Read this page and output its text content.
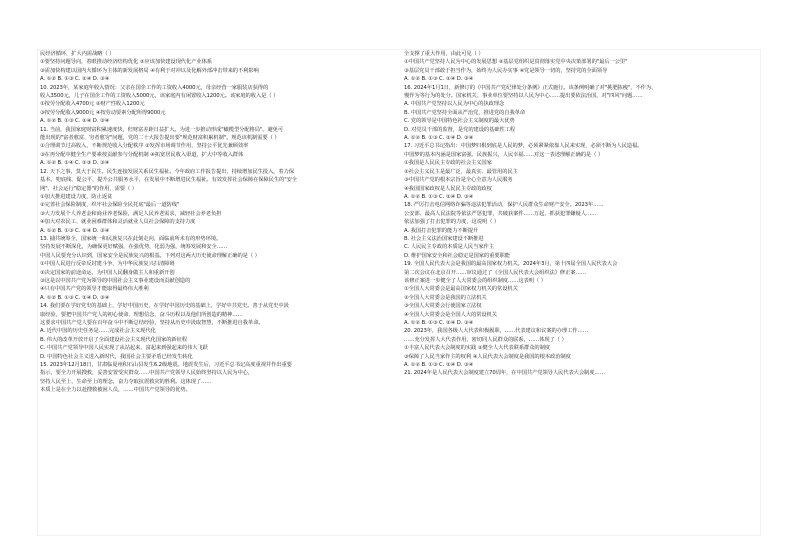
民经济循环，扩大内需战略（ ）
①要坚持问题导向，着眼推动经济结构优化 ②应该加快建设现代化产业体系
③需加快构建以国内大循环为主体的新发展格局 ④有利于对冲以及化解外部冲击带来的不利影响
A. ①② B. ①③ C. ②④ D. ③④
10. 2023年，某家庭年收入情况：父亲在国企工作的工资收入4000元，母亲经营一家服装店获得的
收入3500元，儿子在国企工作的工资收入5000元，该家庭内有闲置收入1200元。该家庭的收入是（ ）
①按劳分配收入4700元 ②财产性收入1200元
③按劳分配收入9000元 ④按劳动要素分配所得9000元
A. ①② B. ①③ C. ②④ D. ③④
11. 当前，我国家庭财富积累速度快，但财富差距日益扩大。为进一步推动形成"橄榄型分配格局"，避免可
能出现的"富者愈富、穷者愈穷"问题，党的二十大报告提出要"规范财富积累机制"。规范该机制需要（ ）
①合理调节过高收入，不断规范收入分配秩序 ②发挥市场调节作用，坚持公平优先兼顾效率
③在再分配中健全生产要素按贡献参与分配机制 ④拓宽居民收入渠道，扩大中等收入群体
A. ①② B. ①④ C. ②③ D. ③④
12. 天下之事，莫大于民生。民生连接发展关系民生福祉。今年政府工作报告提出，持续增加民生投入，着力保
基本、兜底线、促公平，提升公共服务水平，在发展中不断增进民生福祉。有效发挥社会保障在保障民生的"安全
网"、社会运行"稳定器"的作用，需要（ ）
①加大推进建设力度，防止返贫
②完善社会保险制度，织牢社会保险全民托底"最后一道防线"
③大力发展个人养老金和商业养老保险，满足人民养老需求，减轻社会养老负担
④加大对农民工、就业困难群体和灵活就业人员社会保障的支持力度
A. ①② B. ①③ C. ②④ D. ③④
13. 捕共统筹全，国家统一和民族复兴在此刻走向，面临前所未有的形势环境。
坚持发展不断深化，为确保更好赋强，在强优势，化弱为强，统筹发展和安全……
中国人民要充分认识到，国家安全是民族复兴的根基。下列对这两大历史使命理解正确的是（ ）
①中国人民进行反帝反封建斗争，为中华民族复兴扫清障碍
②决定国家的前途命运，为中国人民翻身做主人和重新开创
③这是以中国共产党为领导的中国社会主义事业建设而贡献创造的
④只有中国共产党的领导才能取得最终伟大胜利
A. ①② B. ①③ C. ②④ D. ③④
14. 我们要在学好党史的基础上，学好中国历史，在学好中国历史的基础上，学好中共党史。善于从党史中汲
取经验，要把中国共产党人的初心使命、理想信念、奋斗历程以及他们所创造的精神……
这要求中国共产党人要在百年奋斗中不断总结经验，坚持从历史中汲取智慧，不断推进自我革命。
A. 近代中国的历史任务是……完成社会主义现代化
B. 伟大的改革开放开启了全面建设社会主义现代化国家的新征程
C. 中国共产党领导中国人民实现了从站起来、富起来到强起来的伟大飞跃
D. 中国特色社会主义进入新时代，我国社会主要矛盾已经发生转化
15. 2023年12月18日，甘肃临夏州积石山县发生6.2级地震。地震发生后，习近平总书记高度重视并作出重要
指示，要全力开展搜救，妥善安置受灾群众……中国共产党领导人民始终坚持以人民为中心，
坚持人民至上、生命至上的理念，奋力夺取抗震救灾的胜利。这体现了……
本质上是在全力以赴搜救被困人员，……中国共产党领导的优势。
全支撑了重大作用，由此可见（ ）
①中国共产党坚持人民为中心的发展思想 ②基层党组织是贯彻落实党中央决策部署的"最后一公里"
③基层党员干部敢于担当作为，始终为人民办实事 ④党是领导一切的，坚持党的全面领导
A. ①② B. ①③ C. ②④ D. ③④
16. 2024年1月1日，新修订的《中国共产党纪律处分条例》正式施行。该条例明确了对"挑肥拣瘦"，不作为、
慢作为等行为的处分。国家机关、事业单位要坚持以人民为中心……提出要依法治国，对"四风"问题……
A. 中国共产党坚持以人民为中心的执政理念
B. 中国共产党坚持全面从严治党，推进党的自我革命
C. 党的领导是中国特色社会主义制度的最大优势
D. 对党员干部的监督，是党的建设的基础性工程
A. ①② B. ①③ C. ②④ D. ③④
17. 习近平总书记指出：中国梦归根到底是人民的梦，必须紧紧依靠人民来实现，必须不断为人民造福。
中国梦的基本内涵是国家富强、民族振兴、人民幸福……对这一表述理解正确的是（ ）
①我国是人民民主专政的社会主义国家
②社会主义民主是最广泛、最真实、最管用的民主
③中国共产党的根本宗旨是全心全意为人民服务
④我国国家政权是人民民主专政的政权
A. ①② B. ①③ C. ②④ D. ③④
18. 严厉打击电信网络诈骗等违法犯罪活动，保护人民群众生命财产安全。2023年……
公安部、最高人民法院等依法严惩犯罪，共破获案件……万起，抓获犯罪嫌疑人……
依法加强了打击犯罪的力度，这说明（ ）
A. 我国打击犯罪的能力不断提升
B. 社会主义法治国家建设不断推进
C. 人民民主专政的本质是人民当家作主
D. 维护国家安全和社会稳定是国家的重要职能
19. 全国人民代表大会是我国的最高国家权力机关。2024年3月，第十四届全国人民代表大会
第二次会议在北京召开……审议通过了《全国人民代表大会组织法》修正案……
该修正案进一步健全了人大常委会的组织制度……这表明（ ）
①全国人大常委会是最高国家权力机关的常设机关
②全国人大常委会是我国的立法机关
③全国人大常委会行使国家立法权
④全国人大常委会是全国人大的常设机关
A. ①② B. ①③ C. ②④ D. ③④
20. 2023年，我国各级人大代表积极履职，……代表建议和议案的办理工作……
……充分发挥人大代表作用，密切同人民群众的联系，……体现了（ ）
①丰富人民代表大会制度的实践 ②健全人大代表联系群众的制度
③保障了人民当家作主的权利 ④人民代表大会制度是我国的根本政治制度
A. ①② B. ①③ C. ②④ D. ③④
21. 2024年是人民代表大会制度建立70周年，在中国共产党领导人民代表大会制度……
